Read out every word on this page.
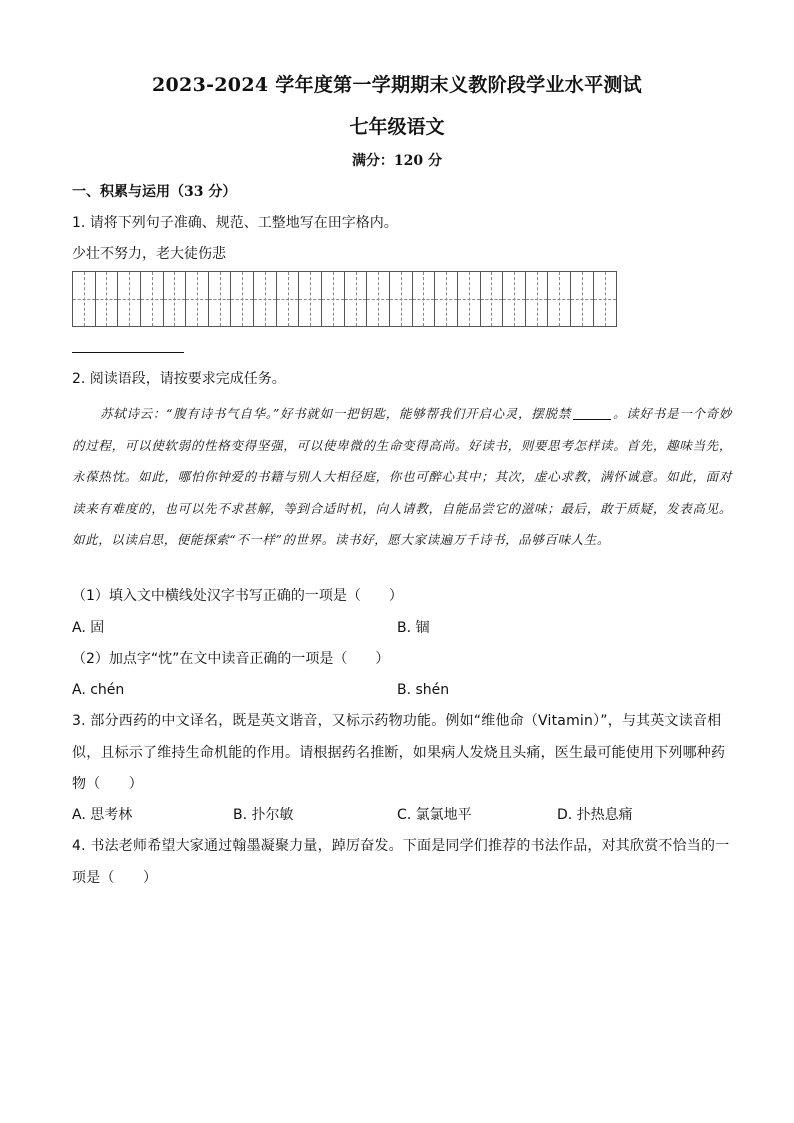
2023-2024 学年度第一学期期末义教阶段学业水平测试
七年级语文
满分：120 分
一、积累与运用（33 分）
1. 请将下列句子准确、规范、工整地写在田字格内。
少壮不努力，老大徒伤悲
2. 阅读语段，请按要求完成任务。
苏轼诗云：“腹有诗书气自华。”好书就如一把钥匙，能够帮我们开启心灵，摆脱禁	。读好书是一个奇妙的过程，可以使软弱的性格变得坚强，可以使卑微的生命变得高尚。好读书，则要思考怎样读。首先，趣味当先，永葆热忱。如此，哪怕你钟爱的书籍与别人大相径庭，你也可醉心其中；其次，虚心求教，满怀诚意。如此，面对读来有难度的，也可以先不求甚解，等到合适时机，向人请教，自能品尝它的滋味；最后，敢于质疑，发表高见。如此，以读启思，便能探索“不一样”的世界。读书好，愿大家读遍万千诗书，品够百味人生。
（1）填入文中横线处汉字书写正确的一项是（　　）
A. 固	B. 锢
（2）加点字“忱”在文中读音正确的一项是（　　）
A. chén	B. shén
3. 部分西药的中文译名，既是英文谐音，又标示药物功能。例如“维他命（Vitamin）”，与其英文读音相似，且标示了维持生命机能的作用。请根据药名推断，如果病人发烧且头痛，医生最可能使用下列哪种药物（　　）
A. 思考林	B. 扑尔敏	C. 氯氯地平	D. 扑热息痛
4. 书法老师希望大家通过翰墨凝聚力量，踔厉奋发。下面是同学们推荐的书法作品，对其欣赏不恰当的一项是（　　）
